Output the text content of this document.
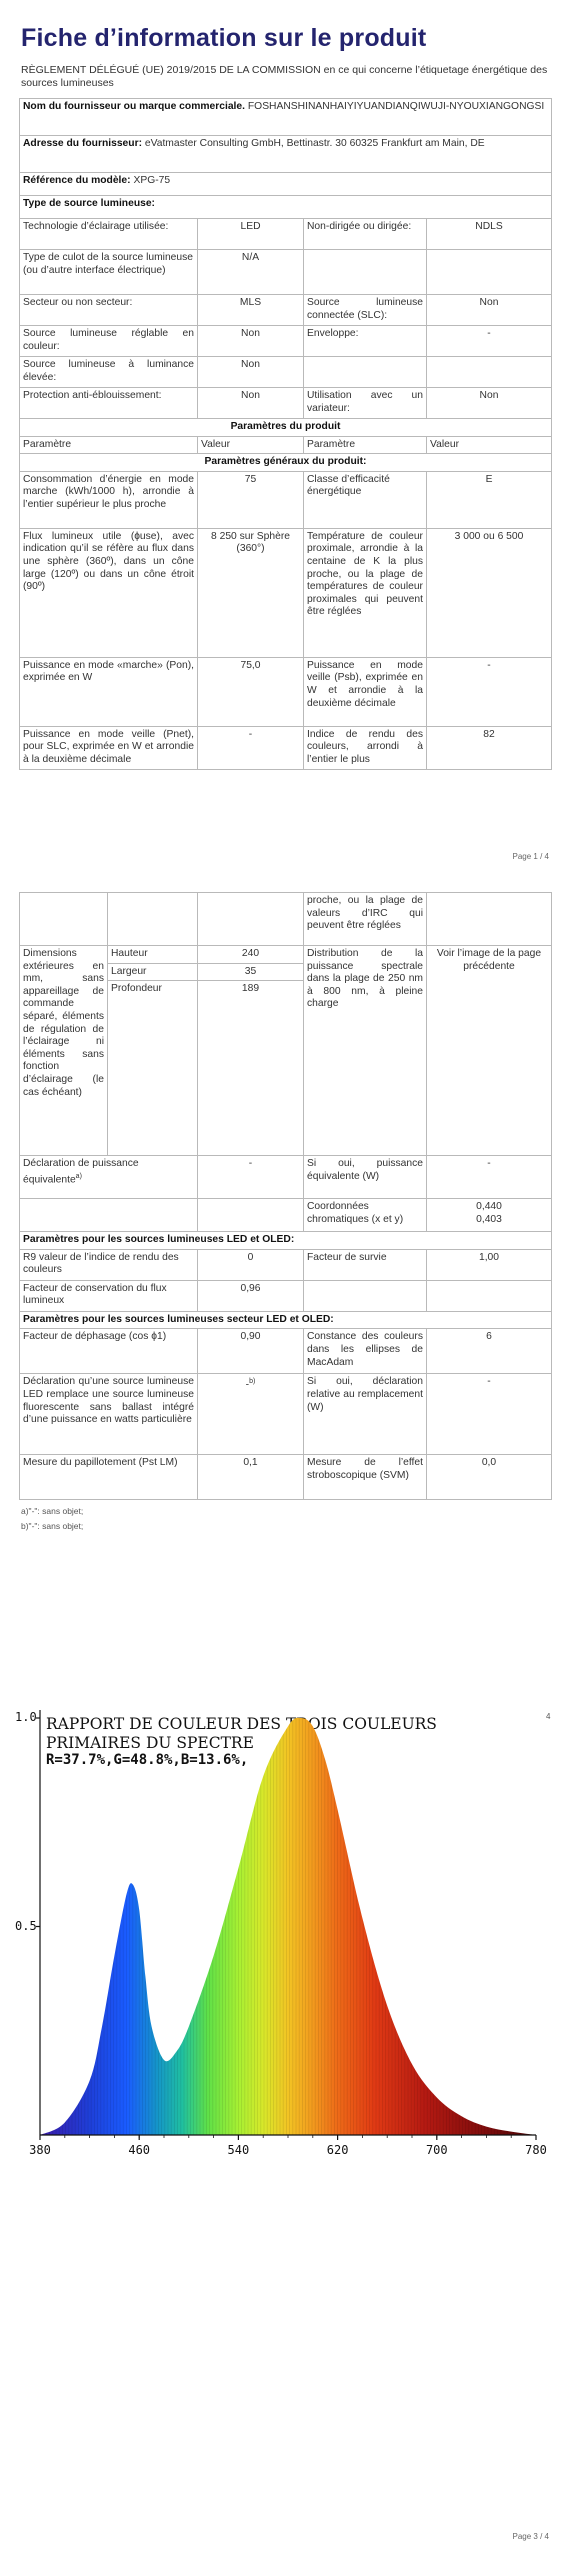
Fiche d’information sur le produit
RÈGLEMENT DÉLÉGUÉ (UE) 2019/2015 DE LA COMMISSION en ce qui concerne l’étiquetage énergétique des sources lumineuses
Nom du fournisseur ou marque commerciale. FOSHANSHINANHAIYIYUANDIANQIWUJI-NYOUXIANGONGSI			
Adresse du fournisseur: eVatmaster Consulting GmbH, Bettinastr. 30 60325 Frankfurt am Main, DE			
Référence du modèle: XPG-75			
Type de source lumineuse:			
Technologie d’éclairage utilisée:	LED	Non-dirigée ou dirigée:	NDLS

Type de culot de la source lumineuse
(ou d’autre interface électrique)	N/A		
Secteur ou non secteur:	MLS	Source lumineuse connectée (SLC):	Non
Source lumineuse réglable en couleur:	Non	Enveloppe:	-
Source lumineuse à luminance élevée:	Non		
Protection anti-éblouissement:	Non	Utilisation avec un variateur:	Non
Paramètres du produit			
Paramètre	Valeur	Paramètre	Valeur
Paramètres généraux du produit:			
Consommation d’énergie en mode marche (kWh/1000 h), arrondie à l’entier supérieur le plus proche	75	Classe d’efficacité énergétique	E
Flux lumineux utile (ɸuse), avec indication qu’il se réfère au flux dans une sphère (360º), dans un cône large (120º) ou dans un cône étroit (90º)	8 250 sur Sphère (360°)	Température de couleur proximale, arrondie à la centaine de K la plus proche, ou la plage de températures de couleur proximales qui peuvent être réglées	3 000 ou 6 500
Puissance en mode «marche» (Pon), exprimée en W	75,0	Puissance en mode veille (Psb), exprimée en W et arrondie à la deuxième décimale	-
Puissance en mode veille (Pnet), pour SLC, exprimée en W et arrondie à la deuxième décimale	-	Indice de rendu des couleurs, arrondi à l’entier le plus	82
Page 1 / 4
			proche, ou la plage de valeurs d’IRC qui peuvent être réglées	
Dimensions extérieures en mm, sans appareillage de commande séparé, éléments de régulation de l’éclairage ni éléments sans fonction d’éclairage (le cas échéant)	Hauteur	240	Distribution de la puissance spectrale dans la plage de 250 nm à 800 nm, à pleine charge	Voir l’image de la page précédente
	Largeur	35		
	Profondeur	189		
Déclaration de puissance équivalente$^{a)}$		-	Si oui, puissance équivalente (W)	-
			Coordonnées chromatiques (x et y)	0,440
0,403

Paramètres pour les sources lumineuses LED et OLED:				
R9 valeur de l’indice de rendu des couleurs		0	Facteur de survie	1,00
Facteur de conservation du flux lumineux		0,96		
Paramètres pour les sources lumineuses secteur LED et OLED:				
Facteur de déphasage (cos ϕ1)		0,90	Constance des couleurs dans les ellipses de MacAdam	6
Déclaration qu’une source lumineuse LED remplace une source lumineuse fluorescente sans ballast intégré d’une puissance en watts particulière		-$^{b)}$	Si oui, déclaration relative au remplacement (W)	-
Mesure du papillotement (Pst LM)		0,1	Mesure de l’effet stroboscopique (SVM)	0,0
a)"-": sans objet;
b)"-": sans objet;
4
RAPPORT DE COULEUR DES TROIS COULEURS
PRIMAIRES DU SPECTRE
R=37.7%,G=48.8%,B=13.6%,
1.0
0.5
380	460	540	620	700	780
Page 3 / 4
